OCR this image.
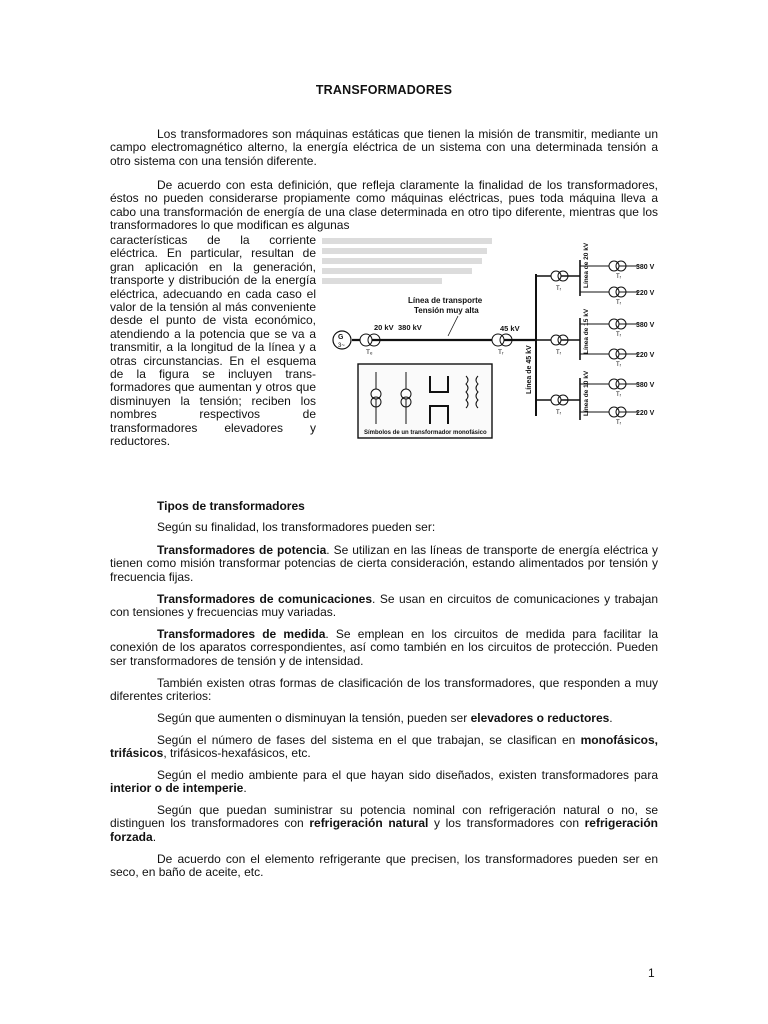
TRANSFORMADORES

Los transformadores son máquinas estáticas que tienen la misión de transmitir, mediante un campo electromagnético alterno, la energía eléctrica de un sistema con una determinada tensión a otro sistema con una tensión diferente.

De acuerdo con esta definición, que refleja claramente la finalidad de los transformadores, éstos no pueden considerarse propiamente como máquinas eléctricas, pues toda máquina lleva a cabo una transformación de energía de una clase determinada en otro tipo diferente, mientras que los transformadores lo que modifican es algunas

características de la corriente eléctrica. En particular, resultan de gran aplicación en la generación, transporte y distribución de la energía eléctrica, adecuando en cada caso el valor de la tensión al más conveniente desde el punto de vista económico, atendiendo a la potencia que se va a transmitir, a la longitud de la línea y a otras circunstancias. En el esquema de la figura se incluyen trans-formadores que aumentan y otros que disminuyen la tensión; reciben los nombres respectivos de transformadores elevadores y reductores.

Línea de transporte
Tensión muy alta
G
3~
20 kV 380 kV
Tₑ
45 kV
Tᵣ	Línea de 45 kV
Tᵣ
Línea de 20 kV	Tᵣ
380 V
Tᵣ
220 V
Tᵣ	Línea de 15 kV	Tᵣ
380 V
Tᵣ
220 V
Tᵣ	Línea de 10 kV	Tᵣ
380 V
Tᵣ
220 V
Símbolos de un transformador monofásico

Tipos de transformadores

Según su finalidad, los transformadores pueden ser:

Transformadores de potencia. Se utilizan en las líneas de transporte de energía eléctrica y tienen como misión transformar potencias de cierta consideración, estando alimentados por tensión y frecuencia fijas.

Transformadores de comunicaciones. Se usan en circuitos de comunicaciones y trabajan con tensiones y frecuencias muy variadas.

Transformadores de medida. Se emplean en los circuitos de medida para facilitar la conexión de los aparatos correspondientes, así como también en los circuitos de protección. Pueden ser transformadores de tensión y de intensidad.

También existen otras formas de clasificación de los transformadores, que responden a muy diferentes criterios:

Según que aumenten o disminuyan la tensión, pueden ser elevadores o reductores.

Según el número de fases del sistema en el que trabajan, se clasifican en monofásicos, trifásicos, trifásicos-hexafásicos, etc.

Según el medio ambiente para el que hayan sido diseñados, existen transformadores para interior o de intemperie.

Según que puedan suministrar su potencia nominal con refrigeración natural o no, se distinguen los transformadores con refrigeración natural y los transformadores con refrigeración forzada.

De acuerdo con el elemento refrigerante que precisen, los transformadores pueden ser en seco, en baño de aceite, etc.

1
